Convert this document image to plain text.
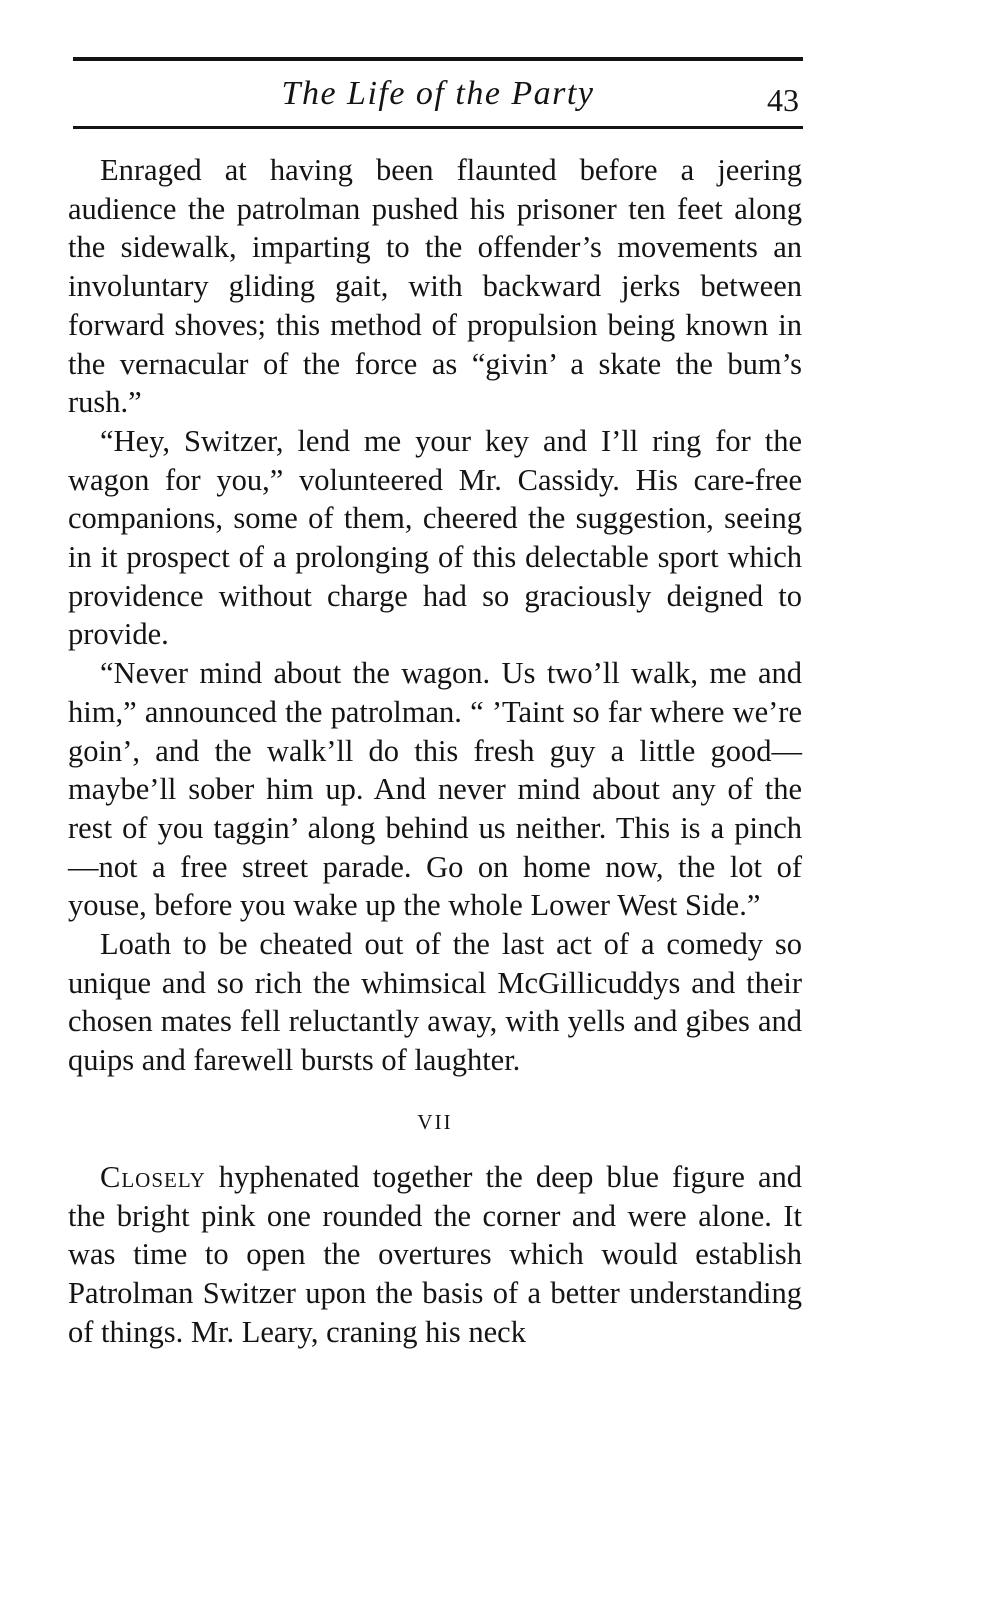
The Life of the Party	43

Enraged at having been flaunted before a jeering audience the patrolman pushed his prisoner ten feet along the sidewalk, imparting to the offender’s movements an involuntary gliding gait, with backward jerks between forward shoves; this method of propulsion being known in the vernacular of the force as “givin’ a skate the bum’s rush.”

“Hey, Switzer, lend me your key and I’ll ring for the wagon for you,” volunteered Mr. Cassidy. His care-free companions, some of them, cheered the suggestion, seeing in it prospect of a prolonging of this delectable sport which providence without charge had so graciously deigned to provide.

“Never mind about the wagon. Us two’ll walk, me and him,” announced the patrolman. “ ’Taint so far where we’re goin’, and the walk’ll do this fresh guy a little good—maybe’ll sober him up. And never mind about any of the rest of you taggin’ along behind us neither. This is a pinch—not a free street parade. Go on home now, the lot of youse, before you wake up the whole Lower West Side.”

Loath to be cheated out of the last act of a comedy so unique and so rich the whimsical McGillicuddys and their chosen mates fell reluctantly away, with yells and gibes and quips and farewell bursts of laughter.

VII

Closely hyphenated together the deep blue figure and the bright pink one rounded the corner and were alone. It was time to open the overtures which would establish Patrolman Switzer upon the basis of a better understanding of things. Mr. Leary, craning his neck
